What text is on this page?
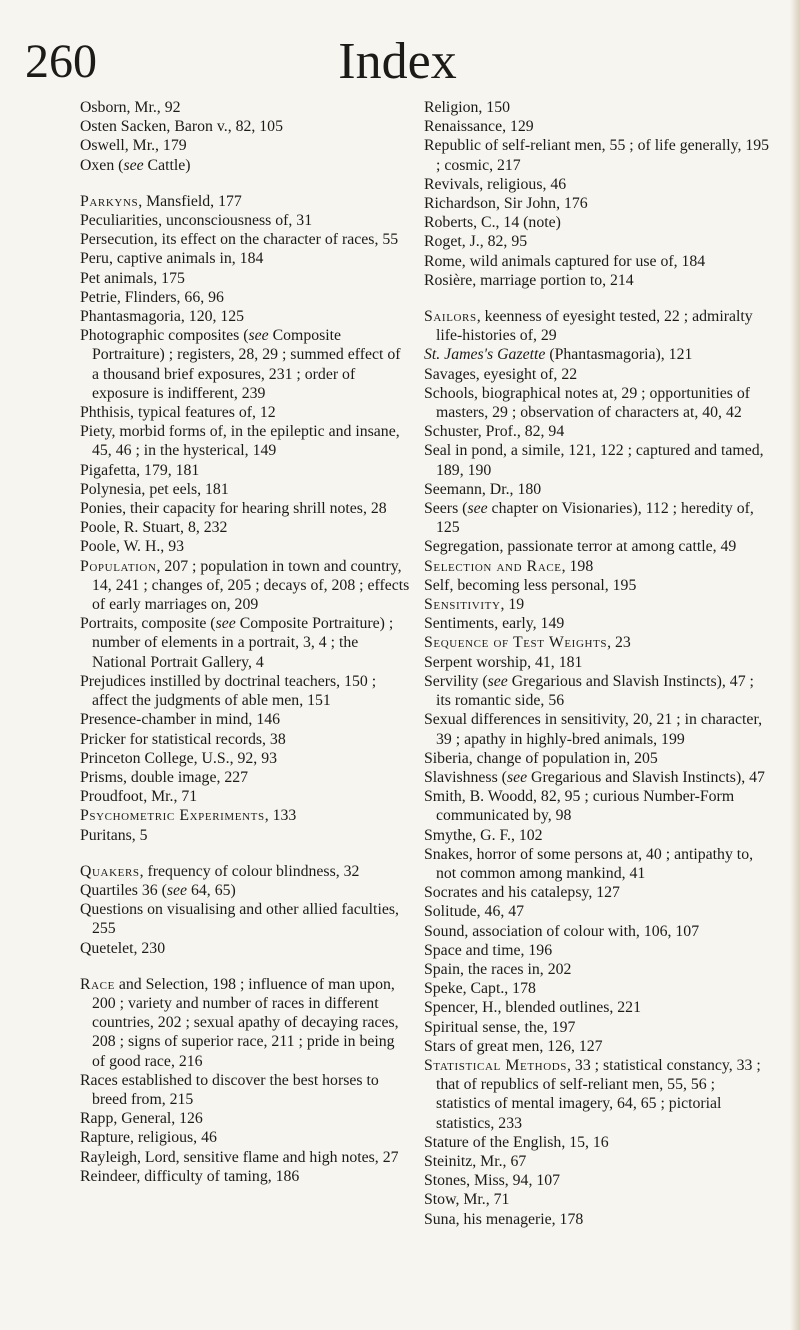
260	Index

Osborn, Mr., 92

Osten Sacken, Baron v., 82, 105

Oswell, Mr., 179

Oxen (see Cattle)

Parkyns, Mansfield, 177

Peculiarities, unconsciousness of, 31

Persecution, its effect on the character of races, 55

Peru, captive animals in, 184

Pet animals, 175

Petrie, Flinders, 66, 96

Phantasmagoria, 120, 125

Photographic composites (see Composite Portraiture) ; registers, 28, 29 ; summed effect of a thousand brief exposures, 231 ; order of exposure is indifferent, 239

Phthisis, typical features of, 12

Piety, morbid forms of, in the epileptic and insane, 45, 46 ; in the hysterical, 149

Pigafetta, 179, 181

Polynesia, pet eels, 181

Ponies, their capacity for hearing shrill notes, 28

Poole, R. Stuart, 8, 232

Poole, W. H., 93

Population, 207 ; population in town and country, 14, 241 ; changes of, 205 ; decays of, 208 ; effects of early marriages on, 209

Portraits, composite (see Composite Portraiture) ; number of elements in a portrait, 3, 4 ; the National Portrait Gallery, 4

Prejudices instilled by doctrinal teachers, 150 ; affect the judgments of able men, 151

Presence-chamber in mind, 146

Pricker for statistical records, 38

Princeton College, U.S., 92, 93

Prisms, double image, 227

Proudfoot, Mr., 71

Psychometric Experiments, 133

Puritans, 5

Quakers, frequency of colour blindness, 32

Quartiles 36 (see 64, 65)

Questions on visualising and other allied faculties, 255

Quetelet, 230

Race and Selection, 198 ; influence of man upon, 200 ; variety and number of races in different countries, 202 ; sexual apathy of decaying races, 208 ; signs of superior race, 211 ; pride in being of good race, 216

Races established to discover the best horses to breed from, 215

Rapp, General, 126

Rapture, religious, 46

Rayleigh, Lord, sensitive flame and high notes, 27

Reindeer, difficulty of taming, 186

Religion, 150

Renaissance, 129

Republic of self-reliant men, 55 ; of life generally, 195 ; cosmic, 217

Revivals, religious, 46

Richardson, Sir John, 176

Roberts, C., 14 (note)

Roget, J., 82, 95

Rome, wild animals captured for use of, 184

Rosière, marriage portion to, 214

Sailors, keenness of eyesight tested, 22 ; admiralty life-histories of, 29

St. James's Gazette (Phantasmagoria), 121

Savages, eyesight of, 22

Schools, biographical notes at, 29 ; opportunities of masters, 29 ; observation of characters at, 40, 42

Schuster, Prof., 82, 94

Seal in pond, a simile, 121, 122 ; captured and tamed, 189, 190

Seemann, Dr., 180

Seers (see chapter on Visionaries), 112 ; heredity of, 125

Segregation, passionate terror at among cattle, 49

Selection and Race, 198

Self, becoming less personal, 195

Sensitivity, 19

Sentiments, early, 149

Sequence of Test Weights, 23

Serpent worship, 41, 181

Servility (see Gregarious and Slavish Instincts), 47 ; its romantic side, 56

Sexual differences in sensitivity, 20, 21 ; in character, 39 ; apathy in highly-bred animals, 199

Siberia, change of population in, 205

Slavishness (see Gregarious and Slavish Instincts), 47

Smith, B. Woodd, 82, 95 ; curious Number-Form communicated by, 98

Smythe, G. F., 102

Snakes, horror of some persons at, 40 ; antipathy to, not common among mankind, 41

Socrates and his catalepsy, 127

Solitude, 46, 47

Sound, association of colour with, 106, 107

Space and time, 196

Spain, the races in, 202

Speke, Capt., 178

Spencer, H., blended outlines, 221

Spiritual sense, the, 197

Stars of great men, 126, 127

Statistical Methods, 33 ; statistical constancy, 33 ; that of republics of self-reliant men, 55, 56 ; statistics of mental imagery, 64, 65 ; pictorial statistics, 233

Stature of the English, 15, 16

Steinitz, Mr., 67

Stones, Miss, 94, 107

Stow, Mr., 71

Suna, his menagerie, 178
